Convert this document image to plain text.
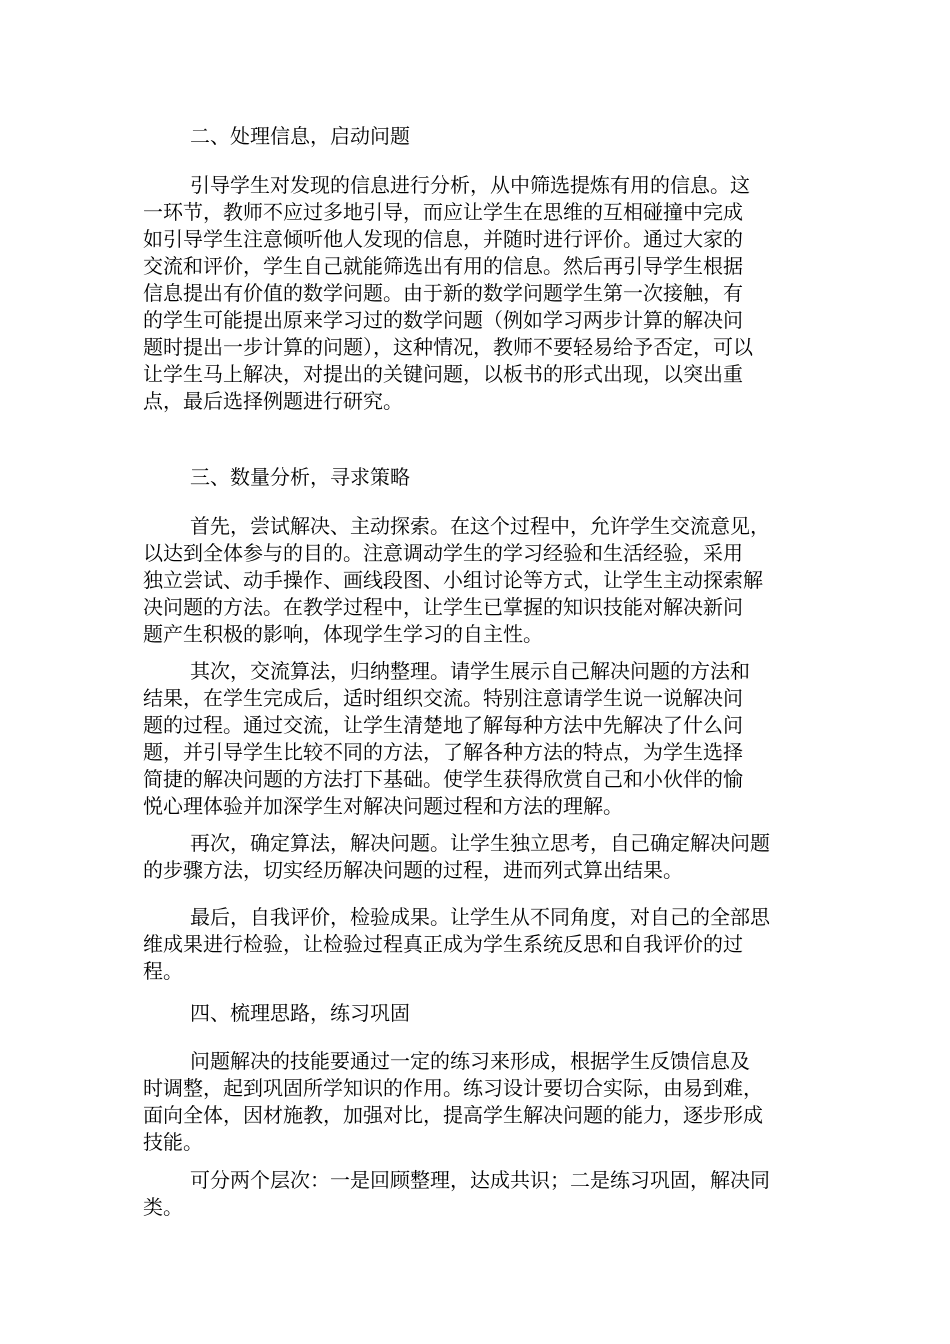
二、处理信息，启动问题
引导学生对发现的信息进行分析，从中筛选提炼有用的信息。这
一环节，教师不应过多地引导，而应让学生在思维的互相碰撞中完成
如引导学生注意倾听他人发现的信息，并随时进行评价。通过大家的
交流和评价，学生自己就能筛选出有用的信息。然后再引导学生根据
信息提出有价值的数学问题。由于新的数学问题学生第一次接触，有
的学生可能提出原来学习过的数学问题（例如学习两步计算的解决问
题时提出一步计算的问题），这种情况，教师不要轻易给予否定，可以
让学生马上解决，对提出的关键问题，以板书的形式出现，以突出重
点，最后选择例题进行研究。
三、数量分析，寻求策略
首先，尝试解决、主动探索。在这个过程中，允许学生交流意见，
以达到全体参与的目的。注意调动学生的学习经验和生活经验，采用
独立尝试、动手操作、画线段图、小组讨论等方式，让学生主动探索解
决问题的方法。在教学过程中，让学生已掌握的知识技能对解决新问
题产生积极的影响，体现学生学习的自主性。
其次，交流算法，归纳整理。请学生展示自己解决问题的方法和
结果，在学生完成后，适时组织交流。特别注意请学生说一说解决问
题的过程。通过交流，让学生清楚地了解每种方法中先解决了什么问
题，并引导学生比较不同的方法，了解各种方法的特点，为学生选择
简捷的解决问题的方法打下基础。使学生获得欣赏自己和小伙伴的愉
悦心理体验并加深学生对解决问题过程和方法的理解。
再次，确定算法，解决问题。让学生独立思考，自己确定解决问题
的步骤方法，切实经历解决问题的过程，进而列式算出结果。
最后，自我评价，检验成果。让学生从不同角度，对自己的全部思
维成果进行检验，让检验过程真正成为学生系统反思和自我评价的过
程。
四、梳理思路，练习巩固
问题解决的技能要通过一定的练习来形成，根据学生反馈信息及
时调整，起到巩固所学知识的作用。练习设计要切合实际，由易到难，
面向全体，因材施教，加强对比，提高学生解决问题的能力，逐步形成
技能。
可分两个层次：一是回顾整理，达成共识；二是练习巩固，解决同
类。
